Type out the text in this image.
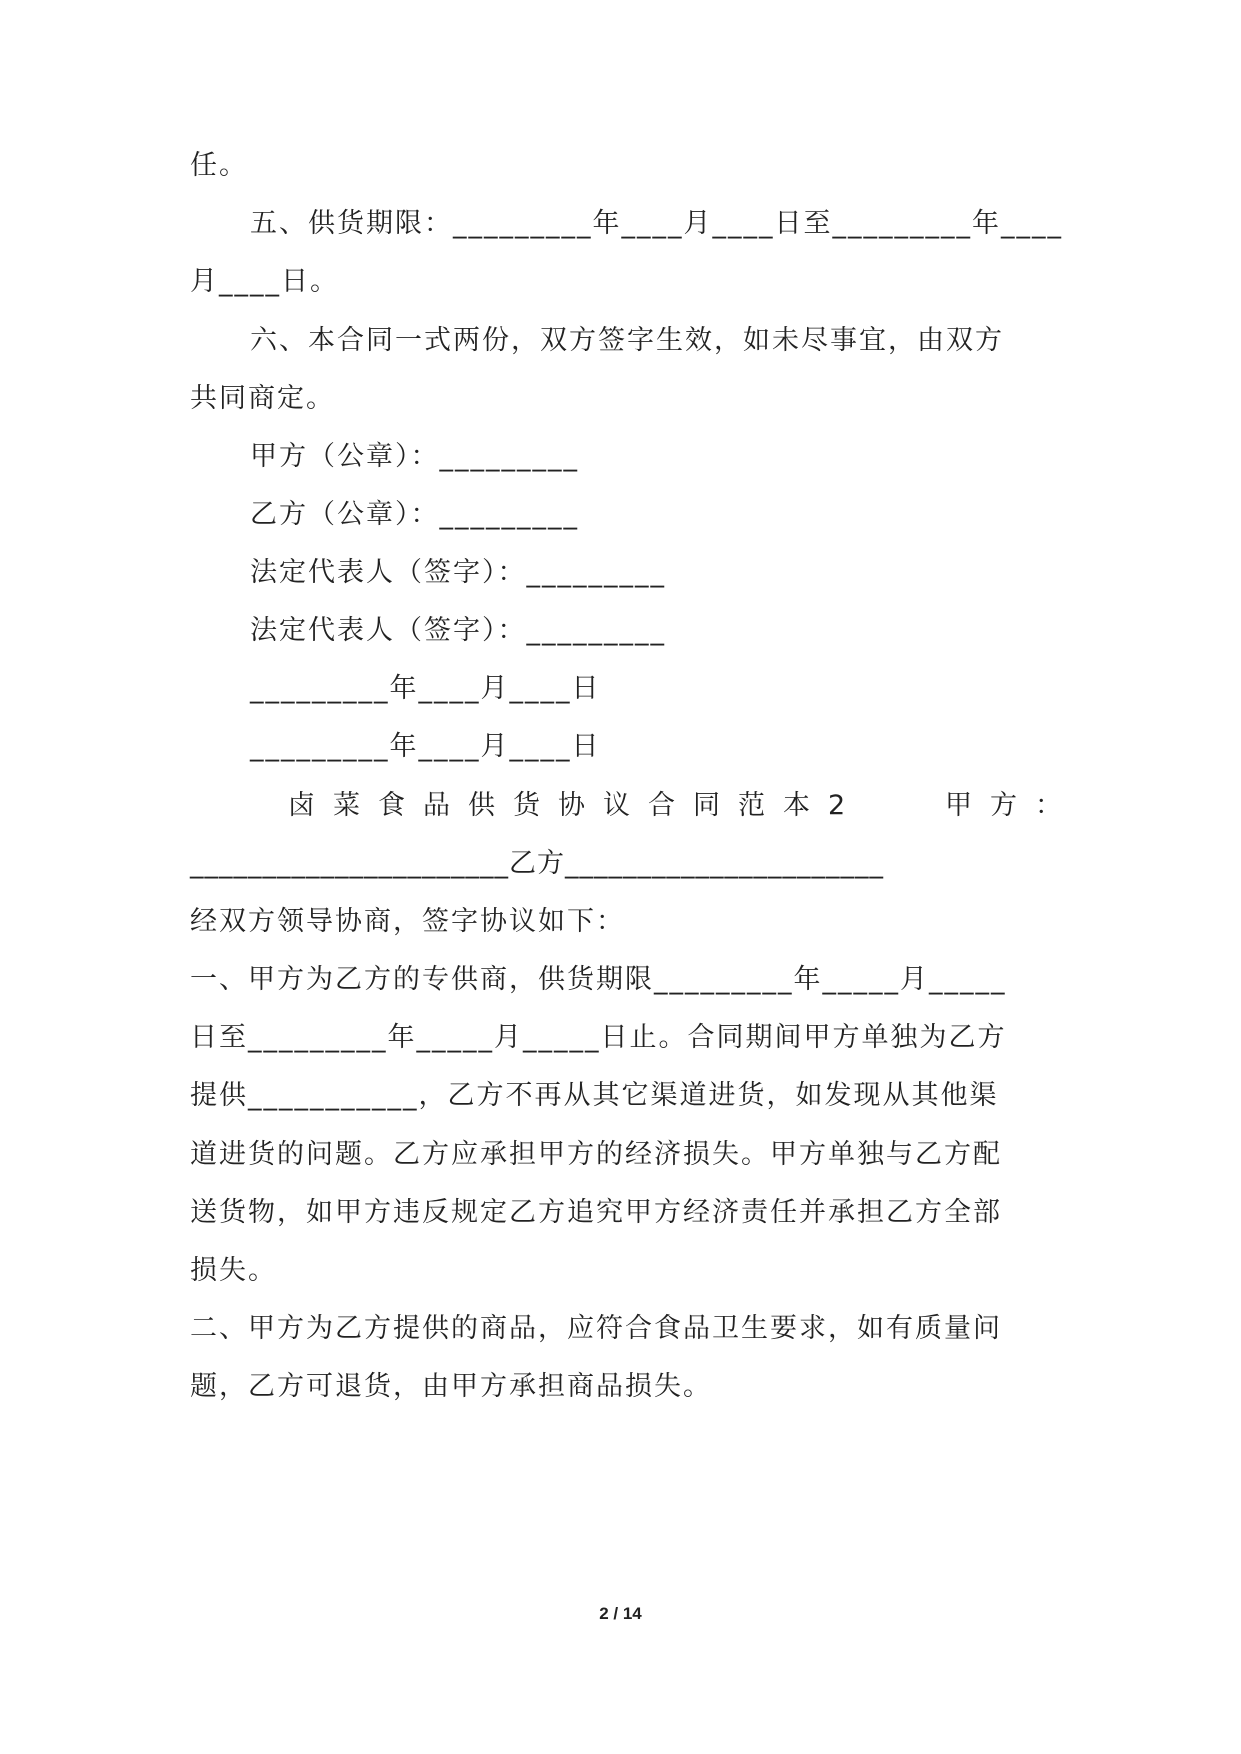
任。
五、供货期限：_________年____月____日至_________年____
月____日。
六、本合同一式两份，双方签字生效，如未尽事宜，由双方
共同商定。
甲方（公章）：_________
乙方（公章）：_________
法定代表人（签字）：_________
法定代表人（签字）：_________
_________年____月____日
_________年____月____日
卤菜食品供货协议合同范本2	甲方：
______________________乙方______________________
经双方领导协商，签字协议如下：
一、甲方为乙方的专供商，供货期限_________年_____月_____
日至_________年_____月_____日止。合同期间甲方单独为乙方
提供___________，乙方不再从其它渠道进货，如发现从其他渠
道进货的问题。乙方应承担甲方的经济损失。甲方单独与乙方配
送货物，如甲方违反规定乙方追究甲方经济责任并承担乙方全部
损失。
二、甲方为乙方提供的商品，应符合食品卫生要求，如有质量问
题，乙方可退货，由甲方承担商品损失。
2 / 14
